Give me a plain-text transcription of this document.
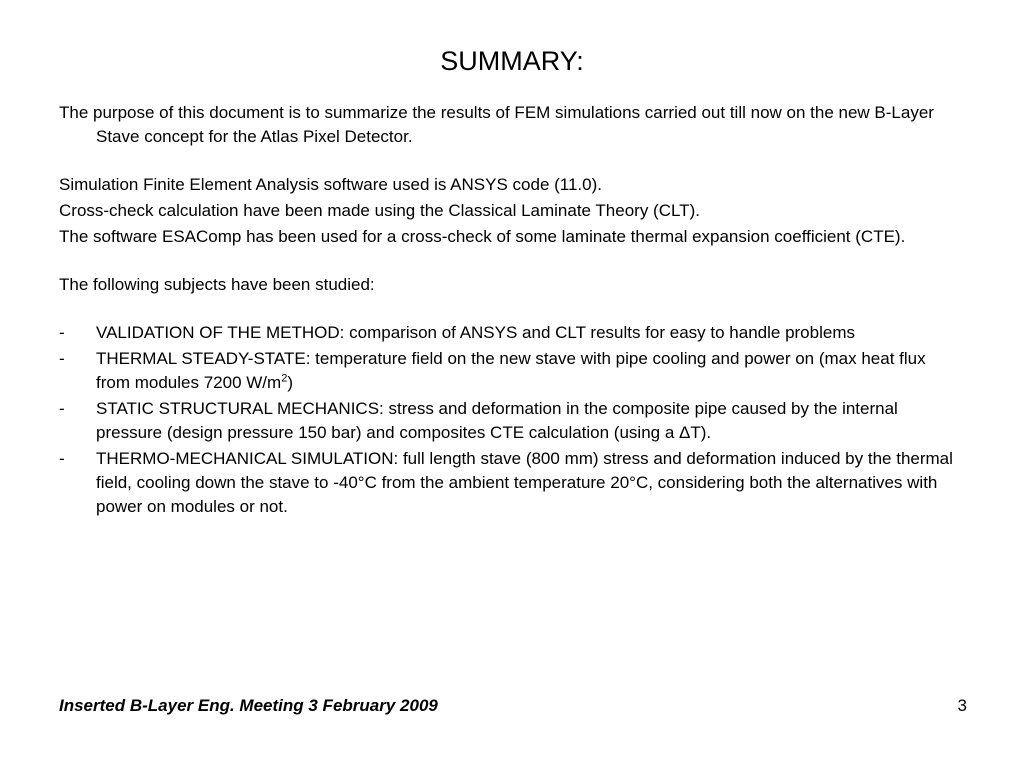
SUMMARY:

The purpose of this document is to summarize the results of FEM simulations carried out till now on the new B-Layer Stave concept for the Atlas Pixel Detector.

Simulation Finite Element Analysis software used is ANSYS code (11.0).

Cross-check calculation have been made using the Classical Laminate Theory (CLT).

The software ESAComp has been used for a cross-check of some laminate thermal expansion coefficient (CTE).

The following subjects have been studied:

- VALIDATION OF THE METHOD: comparison of ANSYS and CLT results for easy to handle problems
- THERMAL STEADY-STATE: temperature field on the new stave with pipe cooling and power on (max heat flux from modules 7200 $W/m^2$)
- STATIC STRUCTURAL MECHANICS: stress and deformation in the composite pipe caused by the internal pressure (design pressure 150 bar) and composites CTE calculation (using a ΔT).
- THERMO-MECHANICAL SIMULATION: full length stave (800 mm) stress and deformation induced by the thermal field, cooling down the stave to -40°C from the ambient temperature 20°C, considering both the alternatives with power on modules or not.
Inserted B-Layer Eng. Meeting 3 February 2009	3
